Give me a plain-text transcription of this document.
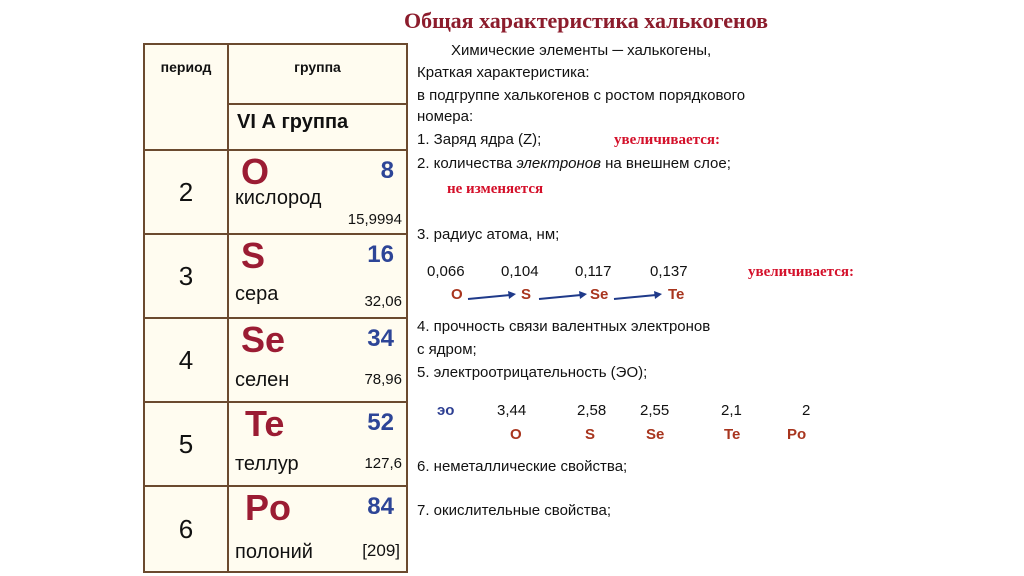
Общая характеристика халькогенов
период	группа
	VI А группа
2	O 8
кислород
15,9994

3	S 16
сера 32,06

4	Se 34
селен 78,96

5	Te 52
теллур 127,6

6	Po 84
полоний [209]
Химические элементы ─ халькогены,
Краткая характеристика:
в подгруппе халькогенов с ростом порядкового
номера:
1. Заряд ядра (Z);	увеличивается:
2. количества электронов на внешнем слое;
не изменяется
3. радиус атома, нм;
0,066 0,104 0,117	0,137	увеличивается:
O	S	Se	Te
4. прочность связи валентных электронов
с ядром;
5. электроотрицательность (ЭО);
эо	3,44	2,58 2,55	2,1	2
O	S	Se	Te	Po
6. неметаллические свойства;
7. окислительные свойства;
